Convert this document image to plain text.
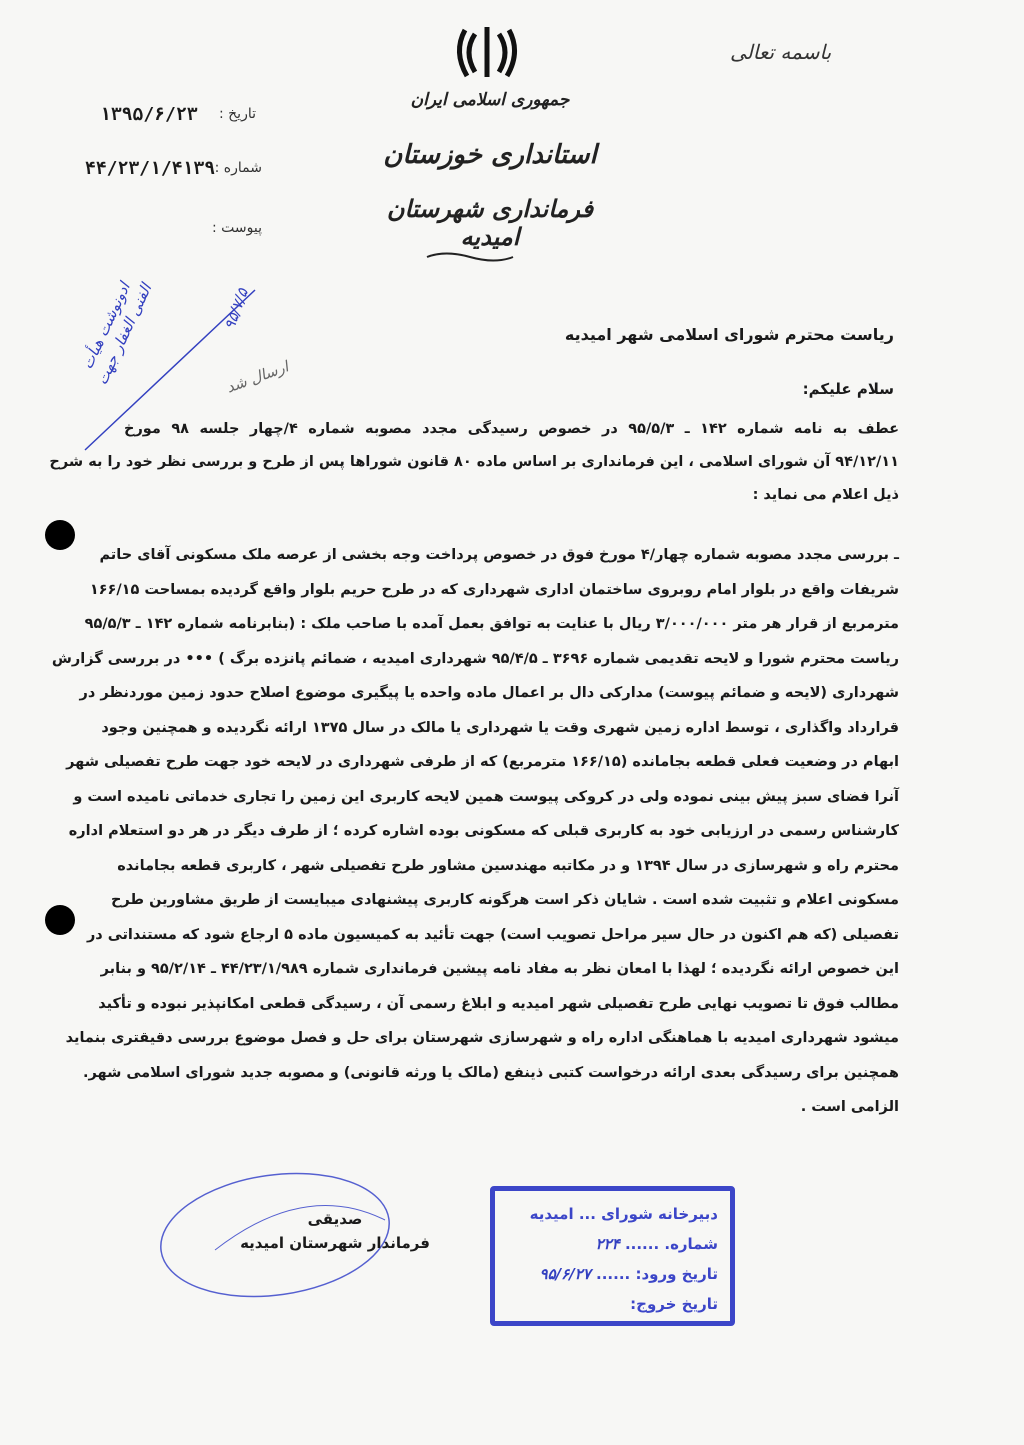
باسمه تعالی
جمهوری اسلامی ایران
استانداری خوزستان
فرمانداری شهرستان امیدیه
تاریخ :
۱۳۹۵/۶/۲۳
شماره :
۴۴/۲۳/۱/۴۱۳۹
پیوست :
ادونوشت هیأت الفنی الغفار جهت	۹۵/۷/۵
ارسال شد
ریاست محترم شورای اسلامی شهر امیدیه
سلام علیکم:
عطف به نامه شماره ۱۴۲ ـ ۹۵/۵/۳ در خصوص رسیدگی مجدد مصوبه شماره ۴/چهار جلسه ۹۸ مورخ
۹۴/۱۲/۱۱ آن شورای اسلامی ، این فرمانداری بر اساس ماده ۸۰ قانون شوراها پس از طرح و بررسی نظر خود را به شرح
ذیل اعلام می نماید :
ـ بررسی مجدد مصوبه شماره چهار/۴ مورخ فوق در خصوص پرداخت وجه بخشی از عرصه ملک مسکونی آقای حاتم
شریفات واقع در بلوار امام روبروی ساختمان اداری شهرداری که در طرح حریم بلوار واقع گردیده بمساحت ۱۶۶/۱۵
مترمربع از قرار هر متر ۳/۰۰۰/۰۰۰ ریال با عنایت به توافق بعمل آمده با صاحب ملک : (بنابرنامه شماره ۱۴۲ ـ ۹۵/۵/۳
ریاست محترم شورا و لایحه تقدیمی شماره ۳۶۹۶ ـ ۹۵/۴/۵ شهرداری امیدیه ، ضمائم پانزده برگ ) ••• در بررسی گزارش
شهرداری (لایحه و ضمائم پیوست) مدارکی دال بر اعمال ماده واحده یا پیگیری موضوع اصلاح حدود زمین موردنظر در
قرارداد واگذاری ، توسط اداره زمین شهری وقت یا شهرداری یا مالک در سال ۱۳۷۵ ارائه نگردیده و همچنین وجود
ابهام در وضعیت فعلی قطعه بجامانده (۱۶۶/۱۵ مترمربع) که از طرفی شهرداری در لایحه خود جهت طرح تفصیلی شهر
آنرا فضای سبز پیش بینی نموده ولی در کروکی پیوست همین لایحه کاربری این زمین را تجاری خدماتی نامیده است و
کارشناس رسمی در ارزیابی خود به کاربری قبلی که مسکونی بوده اشاره کرده ؛ از طرف دیگر در هر دو استعلام اداره
محترم راه و شهرسازی در سال ۱۳۹۴ و در مکاتبه مهندسین مشاور طرح تفصیلی شهر ، کاربری قطعه بجامانده
مسکونی اعلام و تثبیت شده است . شایان ذکر است هرگونه کاربری پیشنهادی میبایست از طریق مشاورین طرح
تفصیلی (که هم اکنون در حال سیر مراحل تصویب است) جهت تأئید به کمیسیون ماده ۵ ارجاع شود که مستنداتی در
این خصوص ارائه نگردیده ؛ لهذا با امعان نظر به مفاد نامه پیشین فرمانداری شماره ۴۴/۲۳/۱/۹۸۹ ـ ۹۵/۲/۱۴ و بنابر
مطالب فوق تا تصویب نهایی طرح تفصیلی شهر امیدیه و ابلاغ رسمی آن ، رسیدگی قطعی امکانپذیر نبوده و تأکید
میشود شهرداری امیدیه با هماهنگی اداره راه و شهرسازی شهرستان برای حل و فصل موضوع بررسی دقیقتری بنماید
همچنین برای رسیدگی بعدی ارائه درخواست کتبی ذینفع (مالک یا ورثه قانونی) و مصوبه جدید شورای اسلامی شهر.
الزامی است .
صدیقی
فرماندار شهرستان امیدیه
دبیرخانه شورای ... امیدیه
شماره. ...... ۲۲۴
تاریخ ورود: ...... ۹۵/۶/۲۷
تاریخ خروج:
